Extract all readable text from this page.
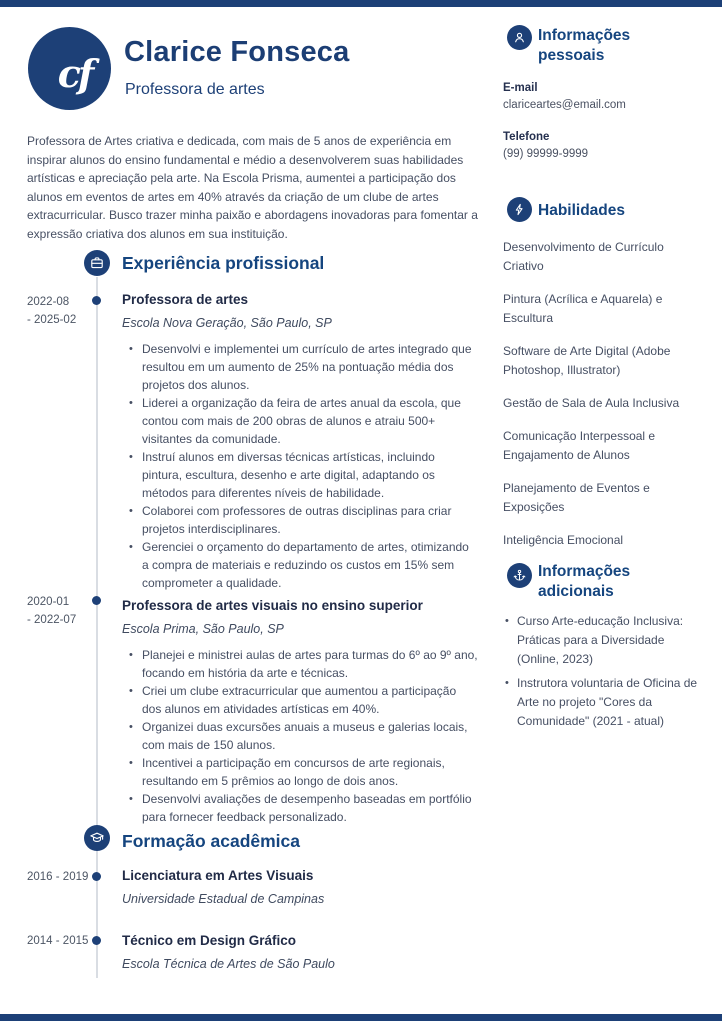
cf Clarice Fonseca
Professora de artes

Professora de Artes criativa e dedicada, com mais de 5 anos de experiência em inspirar alunos do ensino fundamental e médio a desenvolverem suas habilidades artísticas e apreciação pela arte. Na Escola Prisma, aumentei a participação dos alunos em eventos de artes em 40% através da criação de um clube de artes extracurricular. Busco trazer minha paixão e abordagens inovadoras para fomentar a expressão criativa dos alunos em sua instituição.

Experiência profissional
2022-08
- 2025-02
Professora de artes
Escola Nova Geração, São Paulo, SP
• Desenvolvi e implementei um currículo de artes integrado que resultou em um aumento de 25% na pontuação média dos projetos dos alunos.
• Liderei a organização da feira de artes anual da escola, que contou com mais de 200 obras de alunos e atraiu 500+ visitantes da comunidade.
• Instruí alunos em diversas técnicas artísticas, incluindo pintura, escultura, desenho e arte digital, adaptando os métodos para diferentes níveis de habilidade.
• Colaborei com professores de outras disciplinas para criar projetos interdisciplinares.
• Gerenciei o orçamento do departamento de artes, otimizando a compra de materiais e reduzindo os custos em 15% sem comprometer a qualidade.
2020-01
- 2022-07
Professora de artes visuais no ensino superior
Escola Prima, São Paulo, SP
• Planejei e ministrei aulas de artes para turmas do 6º ao 9º ano, focando em história da arte e técnicas.
• Criei um clube extracurricular que aumentou a participação dos alunos em atividades artísticas em 40%.
• Organizei duas excursões anuais a museus e galerias locais, com mais de 150 alunos.
• Incentivei a participação em concursos de arte regionais, resultando em 5 prêmios ao longo de dois anos.
• Desenvolvi avaliações de desempenho baseadas em portfólio para fornecer feedback personalizado.
Formação acadêmica
2016 - 2019 Licenciatura em Artes Visuais
Universidade Estadual de Campinas
2014 - 2015 Técnico em Design Gráfico
Escola Técnica de Artes de São Paulo
Informações
pessoais
E-mail
clariceartes@email.com
Telefone
(99) 99999-9999
Habilidades
Desenvolvimento de Currículo Criativo
Pintura (Acrílica e Aquarela) e Escultura
Software de Arte Digital (Adobe Photoshop, Illustrator)
Gestão de Sala de Aula Inclusiva
Comunicação Interpessoal e Engajamento de Alunos
Planejamento de Eventos e Exposições
Inteligência Emocional
Informações
adicionais
• Curso Arte-educação Inclusiva: Práticas para a Diversidade (Online, 2023)
• Instrutora voluntaria de Oficina de Arte no projeto "Cores da Comunidade" (2021 - atual)
